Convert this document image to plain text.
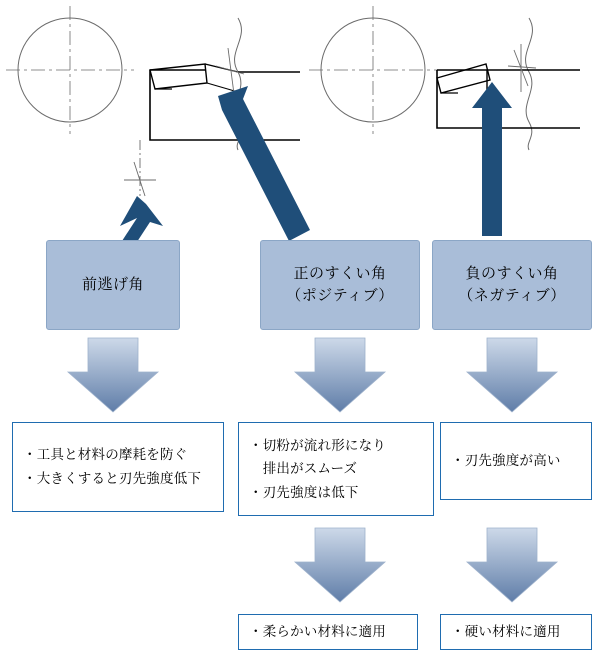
前逃げ角
正のすくい角
（ポジティブ）
負のすくい角
（ネガティブ）
・工具と材料の摩耗を防ぐ
・大きくすると刃先強度低下
・切粉が流れ形になり
　排出がスムーズ
・刃先強度は低下
・刃先強度が高い
・柔らかい材料に適用	・硬い材料に適用
